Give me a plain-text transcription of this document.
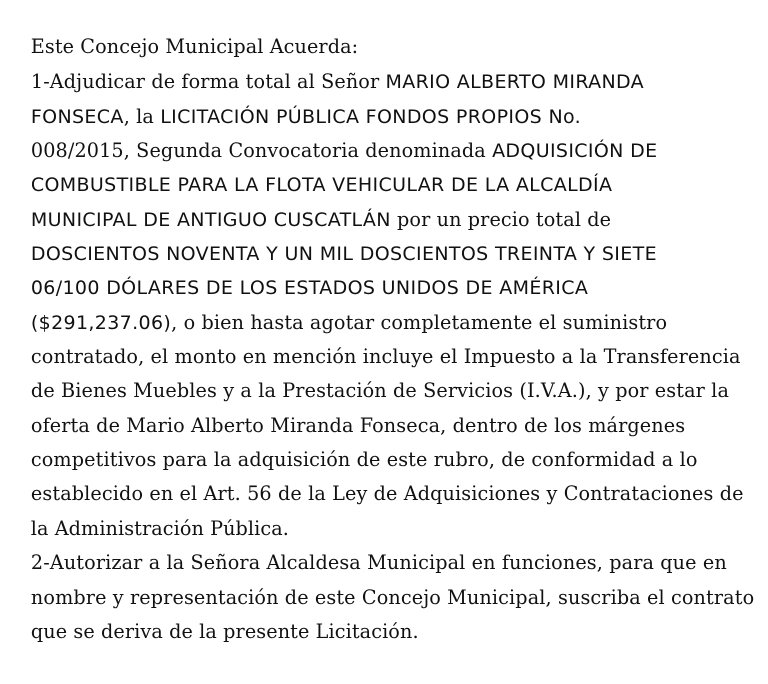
Este Concejo Municipal Acuerda:

1-Adjudicar de forma total al Señor MARIO ALBERTO MIRANDA

FONSECA, la LICITACIÓN PÚBLICA FONDOS PROPIOS No.

008/2015, Segunda Convocatoria denominada ADQUISICIÓN DE

COMBUSTIBLE PARA LA FLOTA VEHICULAR DE LA ALCALDÍA

MUNICIPAL DE ANTIGUO CUSCATLÁN por un precio total de

DOSCIENTOS NOVENTA Y UN MIL DOSCIENTOS TREINTA Y SIETE

06/100 DÓLARES DE LOS ESTADOS UNIDOS DE AMÉRICA

($291,237.06), o bien hasta agotar completamente el suministro

contratado, el monto en mención incluye el Impuesto a la Transferencia

de Bienes Muebles y a la Prestación de Servicios (I.V.A.), y por estar la

oferta de Mario Alberto Miranda Fonseca, dentro de los márgenes

competitivos para la adquisición de este rubro, de conformidad a lo

establecido en el Art. 56 de la Ley de Adquisiciones y Contrataciones de

la Administración Pública.

2-Autorizar a la Señora Alcaldesa Municipal en funciones, para que en

nombre y representación de este Concejo Municipal, suscriba el contrato

que se deriva de la presente Licitación.
